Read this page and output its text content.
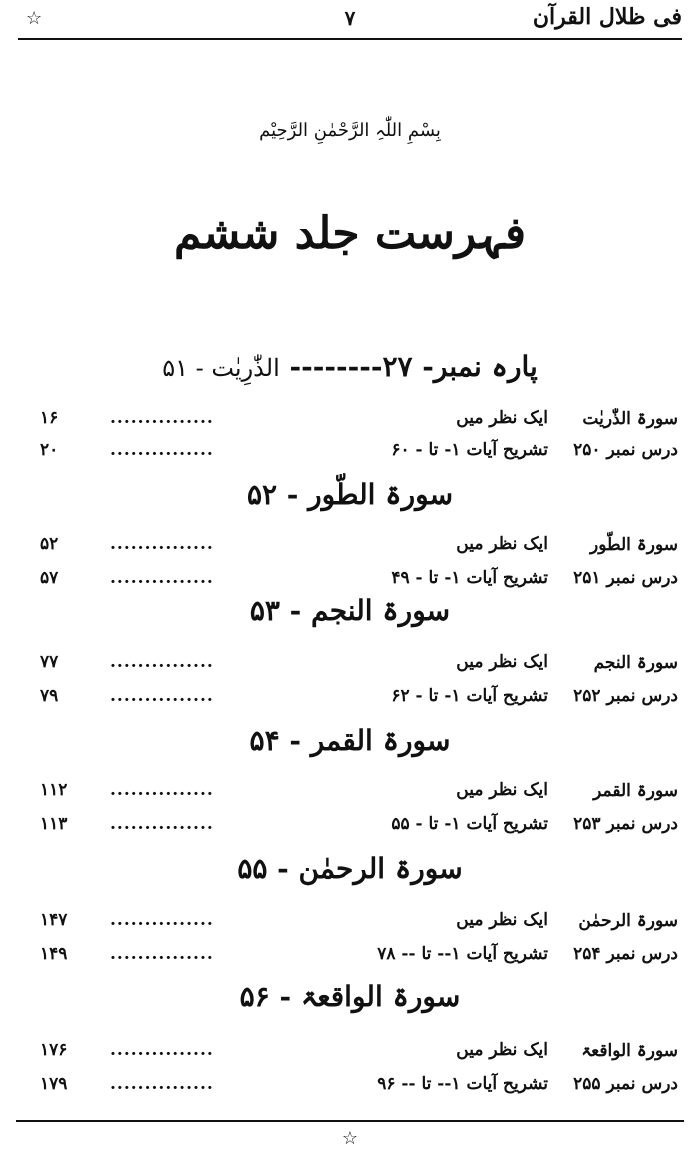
☆	۷	فی ظلال القرآن
بِسْمِ اللّٰہِ الرَّحْمٰنِ الرَّحِیْم
فہرست جلد ششم
پارہ نمبر- ۲۷-------- الذّٰرِیٰت - ۵۱
سورۃ الذّٰریٰت
ایک نظر میں
...............
۱۶
درس نمبر ۲۵۰
تشریح آیات ۱- تا - ۶۰
...............
۲۰
سورۃ الطّور - ۵۲
سورۃ الطّور
ایک نظر میں
...............
۵۲
درس نمبر ۲۵۱
تشریح آیات ۱- تا - ۴۹
...............
۵۷
سورۃ النجم - ۵۳
سورۃ النجم
ایک نظر میں
...............
۷۷
درس نمبر ۲۵۲
تشریح آیات ۱- تا - ۶۲
...............
۷۹
سورۃ القمر - ۵۴
سورۃ القمر
ایک نظر میں
...............
۱۱۲
درس نمبر ۲۵۳
تشریح آیات ۱- تا - ۵۵
...............
۱۱۳
سورۃ الرحمٰن - ۵۵
سورۃ الرحمٰن
ایک نظر میں
...............
۱۴۷
درس نمبر ۲۵۴
تشریح آیات ۱-- تا -- ۷۸
...............
۱۴۹
سورۃ الواقعۃ - ۵۶
سورۃ الواقعۃ
ایک نظر میں
...............
۱۷۶
درس نمبر ۲۵۵
تشریح آیات ۱-- تا -- ۹۶
...............
۱۷۹
☆
